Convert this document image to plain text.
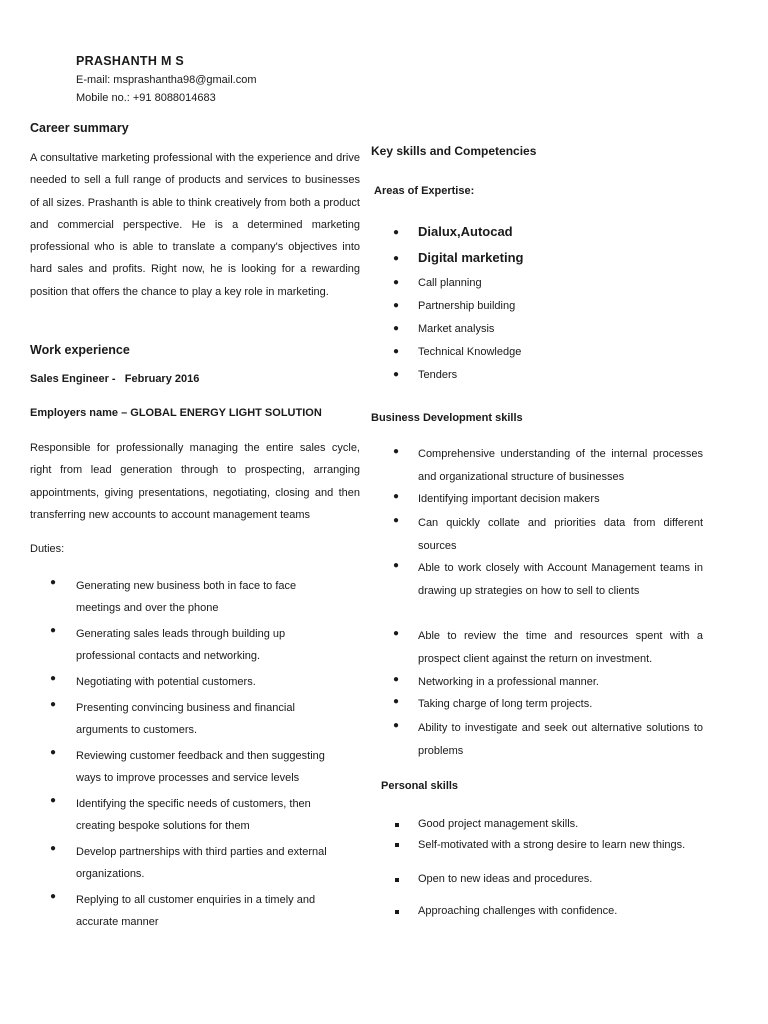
PRASHANTH M S
E-mail: msprashantha98@gmail.com
Mobile no.: +91 8088014683
Career summary
A consultative marketing professional with the experience and drive needed to sell a full range of products and services to businesses of all sizes. Prashanth is able to think creatively from both a product and commercial perspective. He is a determined marketing professional who is able to translate a company's objectives into hard sales and profits. Right now, he is looking for a rewarding position that offers the chance to play a key role in marketing.
Work experience
Sales Engineer -   February 2016
Employers name – GLOBAL ENERGY LIGHT SOLUTION
Responsible for professionally managing the entire sales cycle, right from lead generation through to prospecting, arranging appointments, giving presentations, negotiating, closing and then transferring new accounts to account management teams
Duties:
● Generating new business both in face to face meetings and over the phone
● Generating sales leads through building up professional contacts and networking.
● Negotiating with potential customers.
● Presenting convincing business and financial arguments to customers.
● Reviewing customer feedback and then suggesting ways to improve processes and service levels
● Identifying the specific needs of customers, then creating bespoke solutions for them
● Develop partnerships with third parties and external organizations.
● Replying to all customer enquiries in a timely and accurate manner
Key skills and Competencies
Areas of Expertise:
● Dialux,Autocad
● Digital marketing
● Call planning
● Partnership building
● Market analysis
● Technical Knowledge
● Tenders
Business Development skills
● Comprehensive understanding of the internal processes and organizational structure of businesses
● Identifying important decision makers
● Can quickly collate and priorities data from different sources
● Able to work closely with Account Management teams in drawing up strategies on how to sell to clients
● Able to review the time and resources spent with a prospect client against the return on investment.
● Networking in a professional manner.
● Taking charge of long term projects.
● Ability to investigate and seek out alternative solutions to problems
Personal skills
Good project management skills.
Self-motivated with a strong desire to learn new things.
Open to new ideas and procedures.
Approaching challenges with confidence.
